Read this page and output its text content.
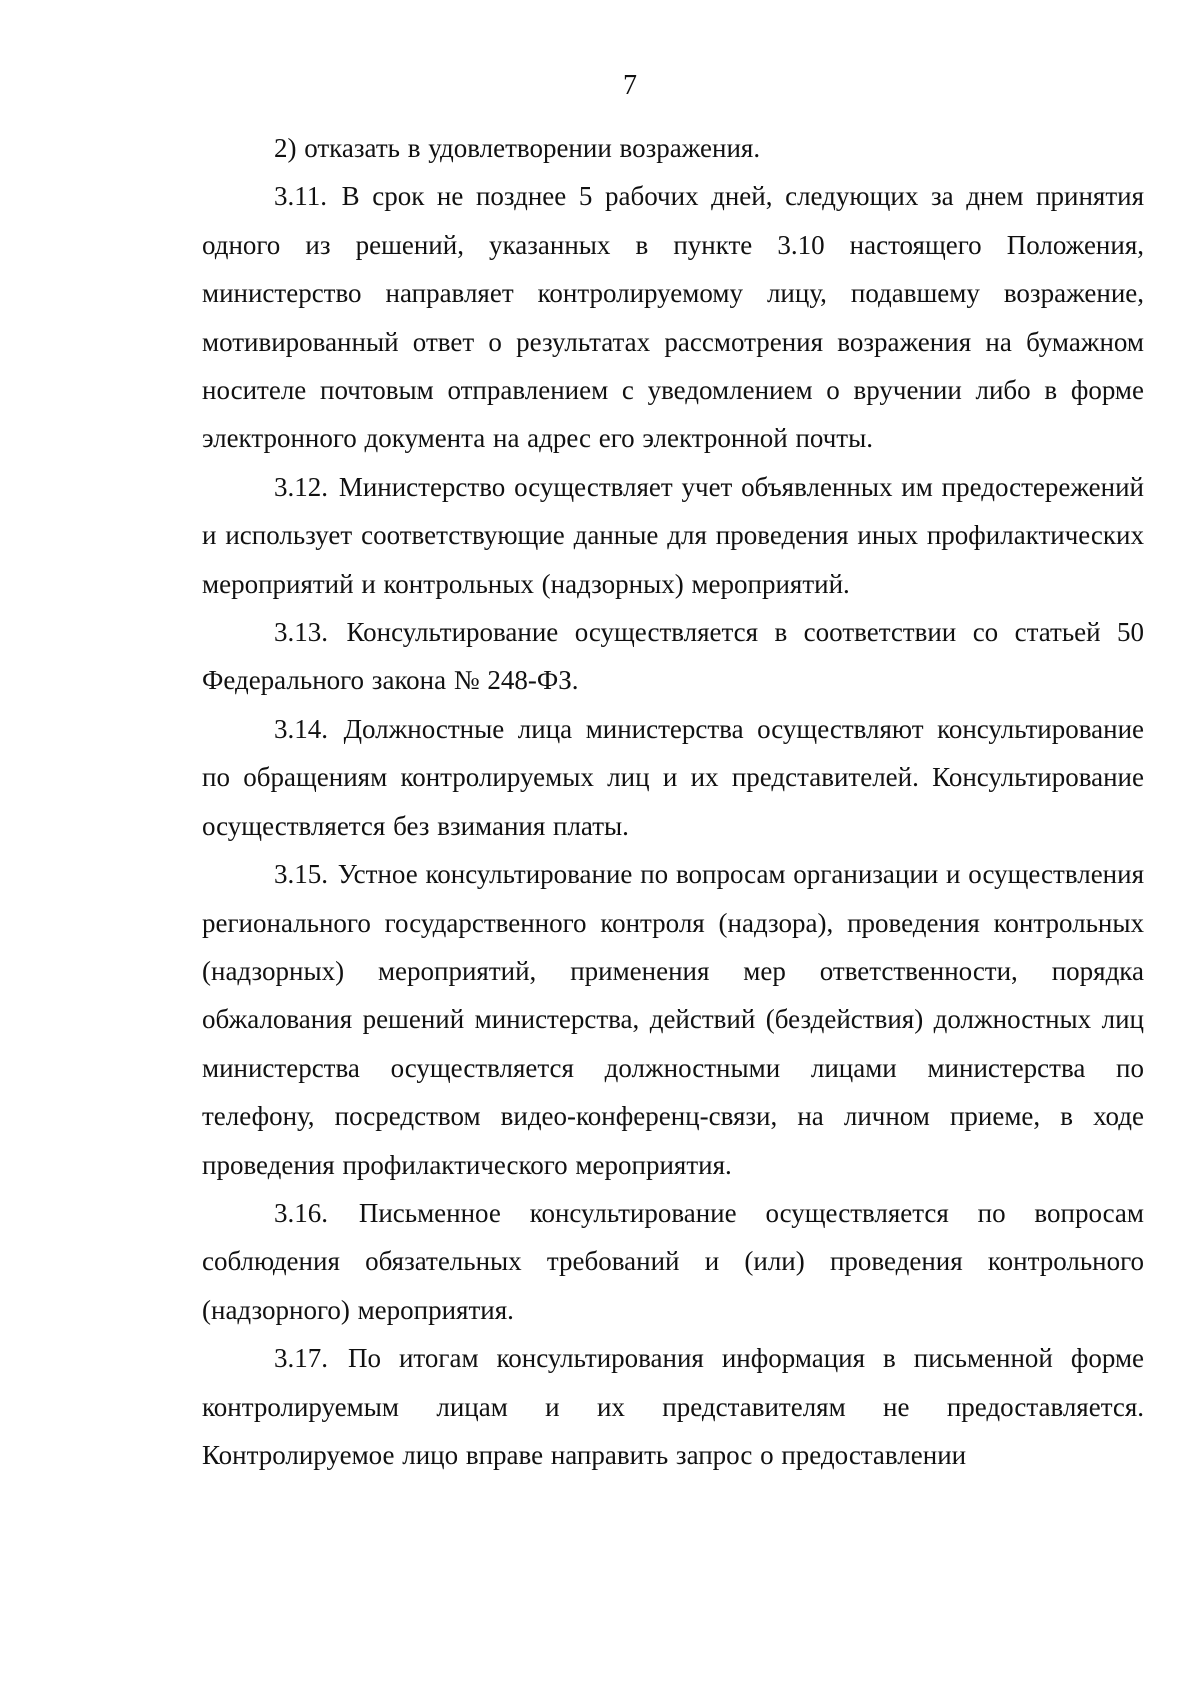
7

2) отказать в удовлетворении возражения.

3.11. В срок не позднее 5 рабочих дней, следующих за днем принятия одного из решений, указанных в пункте 3.10 настоящего Положения, министерство направляет контролируемому лицу, подавшему возражение, мотивированный ответ о результатах рассмотрения возражения на бумажном носителе почтовым отправлением с уведомлением о вручении либо в форме электронного документа на адрес его электронной почты.

3.12. Министерство осуществляет учет объявленных им предостережений и использует соответствующие данные для проведения иных профилактических мероприятий и контрольных (надзорных) мероприятий.

3.13. Консультирование осуществляется в соответствии со статьей 50 Федерального закона № 248-ФЗ.

3.14. Должностные лица министерства осуществляют консультирование по обращениям контролируемых лиц и их представителей. Консультирование осуществляется без взимания платы.

3.15. Устное консультирование по вопросам организации и осуществления регионального государственного контроля (надзора), проведения контрольных (надзорных) мероприятий, применения мер ответственности, порядка обжалования решений министерства, действий (бездействия) должностных лиц министерства осуществляется должностными лицами министерства по телефону, посредством видео-конференц-связи, на личном приеме, в ходе проведения профилактического мероприятия.

3.16. Письменное консультирование осуществляется по вопросам соблюдения обязательных требований и (или) проведения контрольного (надзорного) мероприятия.

3.17. По итогам консультирования информация в письменной форме контролируемым лицам и их представителям не предоставляется. Контролируемое лицо вправе направить запрос о предоставлении
